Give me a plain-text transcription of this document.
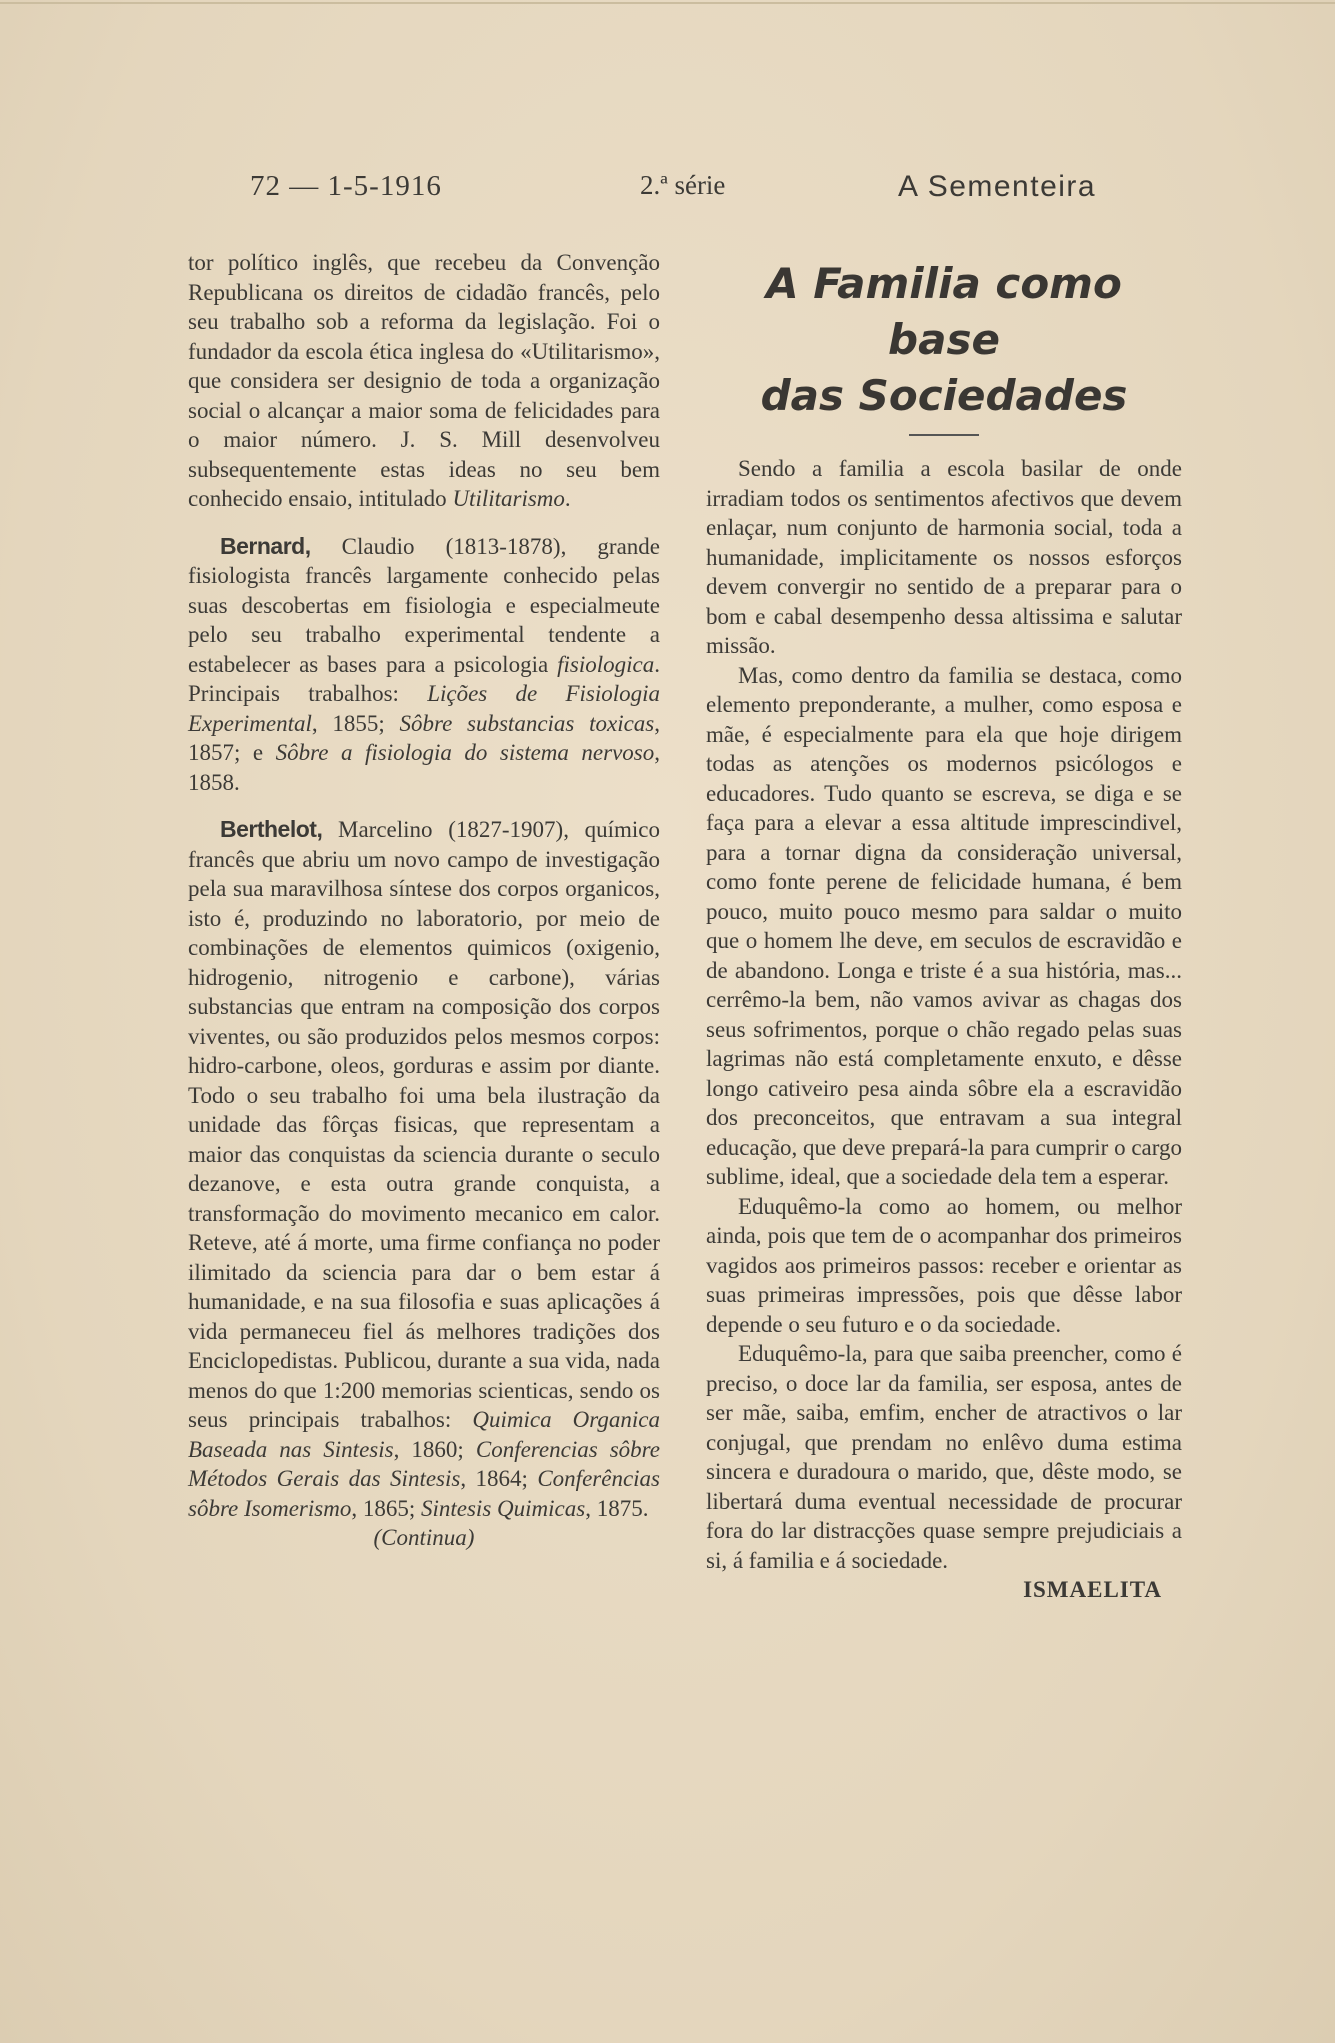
72 — 1-5-1916	2.ª série	A Sementeira

tor político inglês, que recebeu da Convenção Republicana os direitos de cidadão francês, pelo seu trabalho sob a reforma da legislação. Foi o fundador da escola ética inglesa do «Utilitarismo», que considera ser designio de toda a organização social o alcançar a maior soma de felicidades para o maior número. J. S. Mill desenvolveu subsequentemente estas ideas no seu bem conhecido ensaio, intitulado Utilitarismo.

Bernard, Claudio (1813-1878), grande fisiologista francês largamente conhecido pelas suas descobertas em fisiologia e especialmeute pelo seu trabalho experimental tendente a estabelecer as bases para a psicologia fisiologica. Principais trabalhos: Lições de Fisiologia Experimental, 1855; Sôbre substancias toxicas, 1857; e Sôbre a fisiologia do sistema nervoso, 1858.

Berthelot, Marcelino (1827-1907), químico francês que abriu um novo campo de investigação pela sua maravilhosa síntese dos corpos organicos, isto é, produzindo no laboratorio, por meio de combinações de elementos quimicos (oxigenio, hidrogenio, nitrogenio e carbone), várias substancias que entram na composição dos corpos viventes, ou são produzidos pelos mesmos corpos: hidro-carbone, oleos, gorduras e assim por diante. Todo o seu trabalho foi uma bela ilustração da unidade das fôrças fisicas, que representam a maior das conquistas da sciencia durante o seculo dezanove, e esta outra grande conquista, a transformação do movimento mecanico em calor. Reteve, até á morte, uma firme confiança no poder ilimitado da sciencia para dar o bem estar á humanidade, e na sua filosofia e suas aplicações á vida permaneceu fiel ás melhores tradições dos Enciclopedistas. Publicou, durante a sua vida, nada menos do que 1:200 memorias scienticas, sendo os seus principais trabalhos: Quimica Organica Baseada nas Sintesis, 1860; Conferencias sôbre Métodos Gerais das Sintesis, 1864; Conferências sôbre Isomerismo, 1865; Sintesis Quimicas, 1875.

(Continua)

A Familia como base
das Sociedades

Sendo a familia a escola basilar de onde irradiam todos os sentimentos afectivos que devem enlaçar, num conjunto de harmonia social, toda a humanidade, implicitamente os nossos esforços devem convergir no sentido de a preparar para o bom e cabal desempenho dessa altissima e salutar missão.

Mas, como dentro da familia se destaca, como elemento preponderante, a mulher, como esposa e mãe, é especialmente para ela que hoje dirigem todas as atenções os modernos psicólogos e educadores. Tudo quanto se escreva, se diga e se faça para a elevar a essa altitude imprescindivel, para a tornar digna da consideração universal, como fonte perene de felicidade humana, é bem pouco, muito pouco mesmo para saldar o muito que o homem lhe deve, em seculos de escravidão e de abandono. Longa e triste é a sua história, mas... cerrêmo-la bem, não vamos avivar as chagas dos seus sofrimentos, porque o chão regado pelas suas lagrimas não está completamente enxuto, e dêsse longo cativeiro pesa ainda sôbre ela a escravidão dos preconceitos, que entravam a sua integral educação, que deve prepará-la para cumprir o cargo sublime, ideal, que a sociedade dela tem a esperar.

Eduquêmo-la como ao homem, ou melhor ainda, pois que tem de o acompanhar dos primeiros vagidos aos primeiros passos: receber e orientar as suas primeiras impressões, pois que dêsse labor depende o seu futuro e o da sociedade.

Eduquêmo-la, para que saiba preencher, como é preciso, o doce lar da familia, ser esposa, antes de ser mãe, saiba, emfim, encher de atractivos o lar conjugal, que prendam no enlêvo duma estima sincera e duradoura o marido, que, dêste modo, se libertará duma eventual necessidade de procurar fora do lar distracções quase sempre prejudiciais a si, á familia e á sociedade.

ISMAELITA
